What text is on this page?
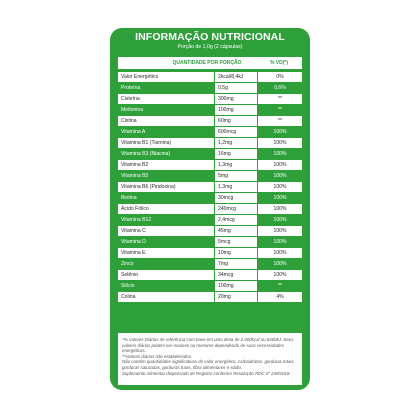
INFORMAÇÃO NUTRICIONAL
Porção de 1,0g (2 cápsulas)
QUANTIDADE POR PORÇÃO	% VD(*)
Valor Energético	2kcal/8,4kJ	0%
Proteína	0,5g	0,6%
Cisteína	300mg	**
Metionina	100mg	**
Cistina	60mg	**
Vitamina A	600mcg	100%
Vitamina B1 (Tiamina)	1,2mg	100%
Vitamina B3 (Niacina)	16mg	100%
Vitamina B2	1,3mg	100%
Vitamina B5	5mg	100%
Vitamina B6 (Piridoxina)	1,3mg	100%
Biotina	30mcg	100%
Ácido Fólico	240mcg	100%
Vitamina B12	2,4mcg	100%
Vitamina C	45mg	100%
Vitamina D	5mcg	100%
Vitamina E	10mg	100%
Zinco	7mg	100%
Selênio	34mcg	100%
Silício	100mg	**
Colina	20mg	4%

*% Valores Diários de referência com base em uma dieta de 2.000kcal ou 8400kJ. Seus valores diários podem ser maiores ou menores dependendo de suas necessidades energéticas.

**Valores diários não estabelecidos.

Não contém quantidades significativas de valor energético, carboidratos, gorduras totais, gorduras saturadas, gorduras trans, fibra alimentares e sódio.

Suplemento Alimentar dispensado de Registro conforme Resolução RDC nº 240/2018.
